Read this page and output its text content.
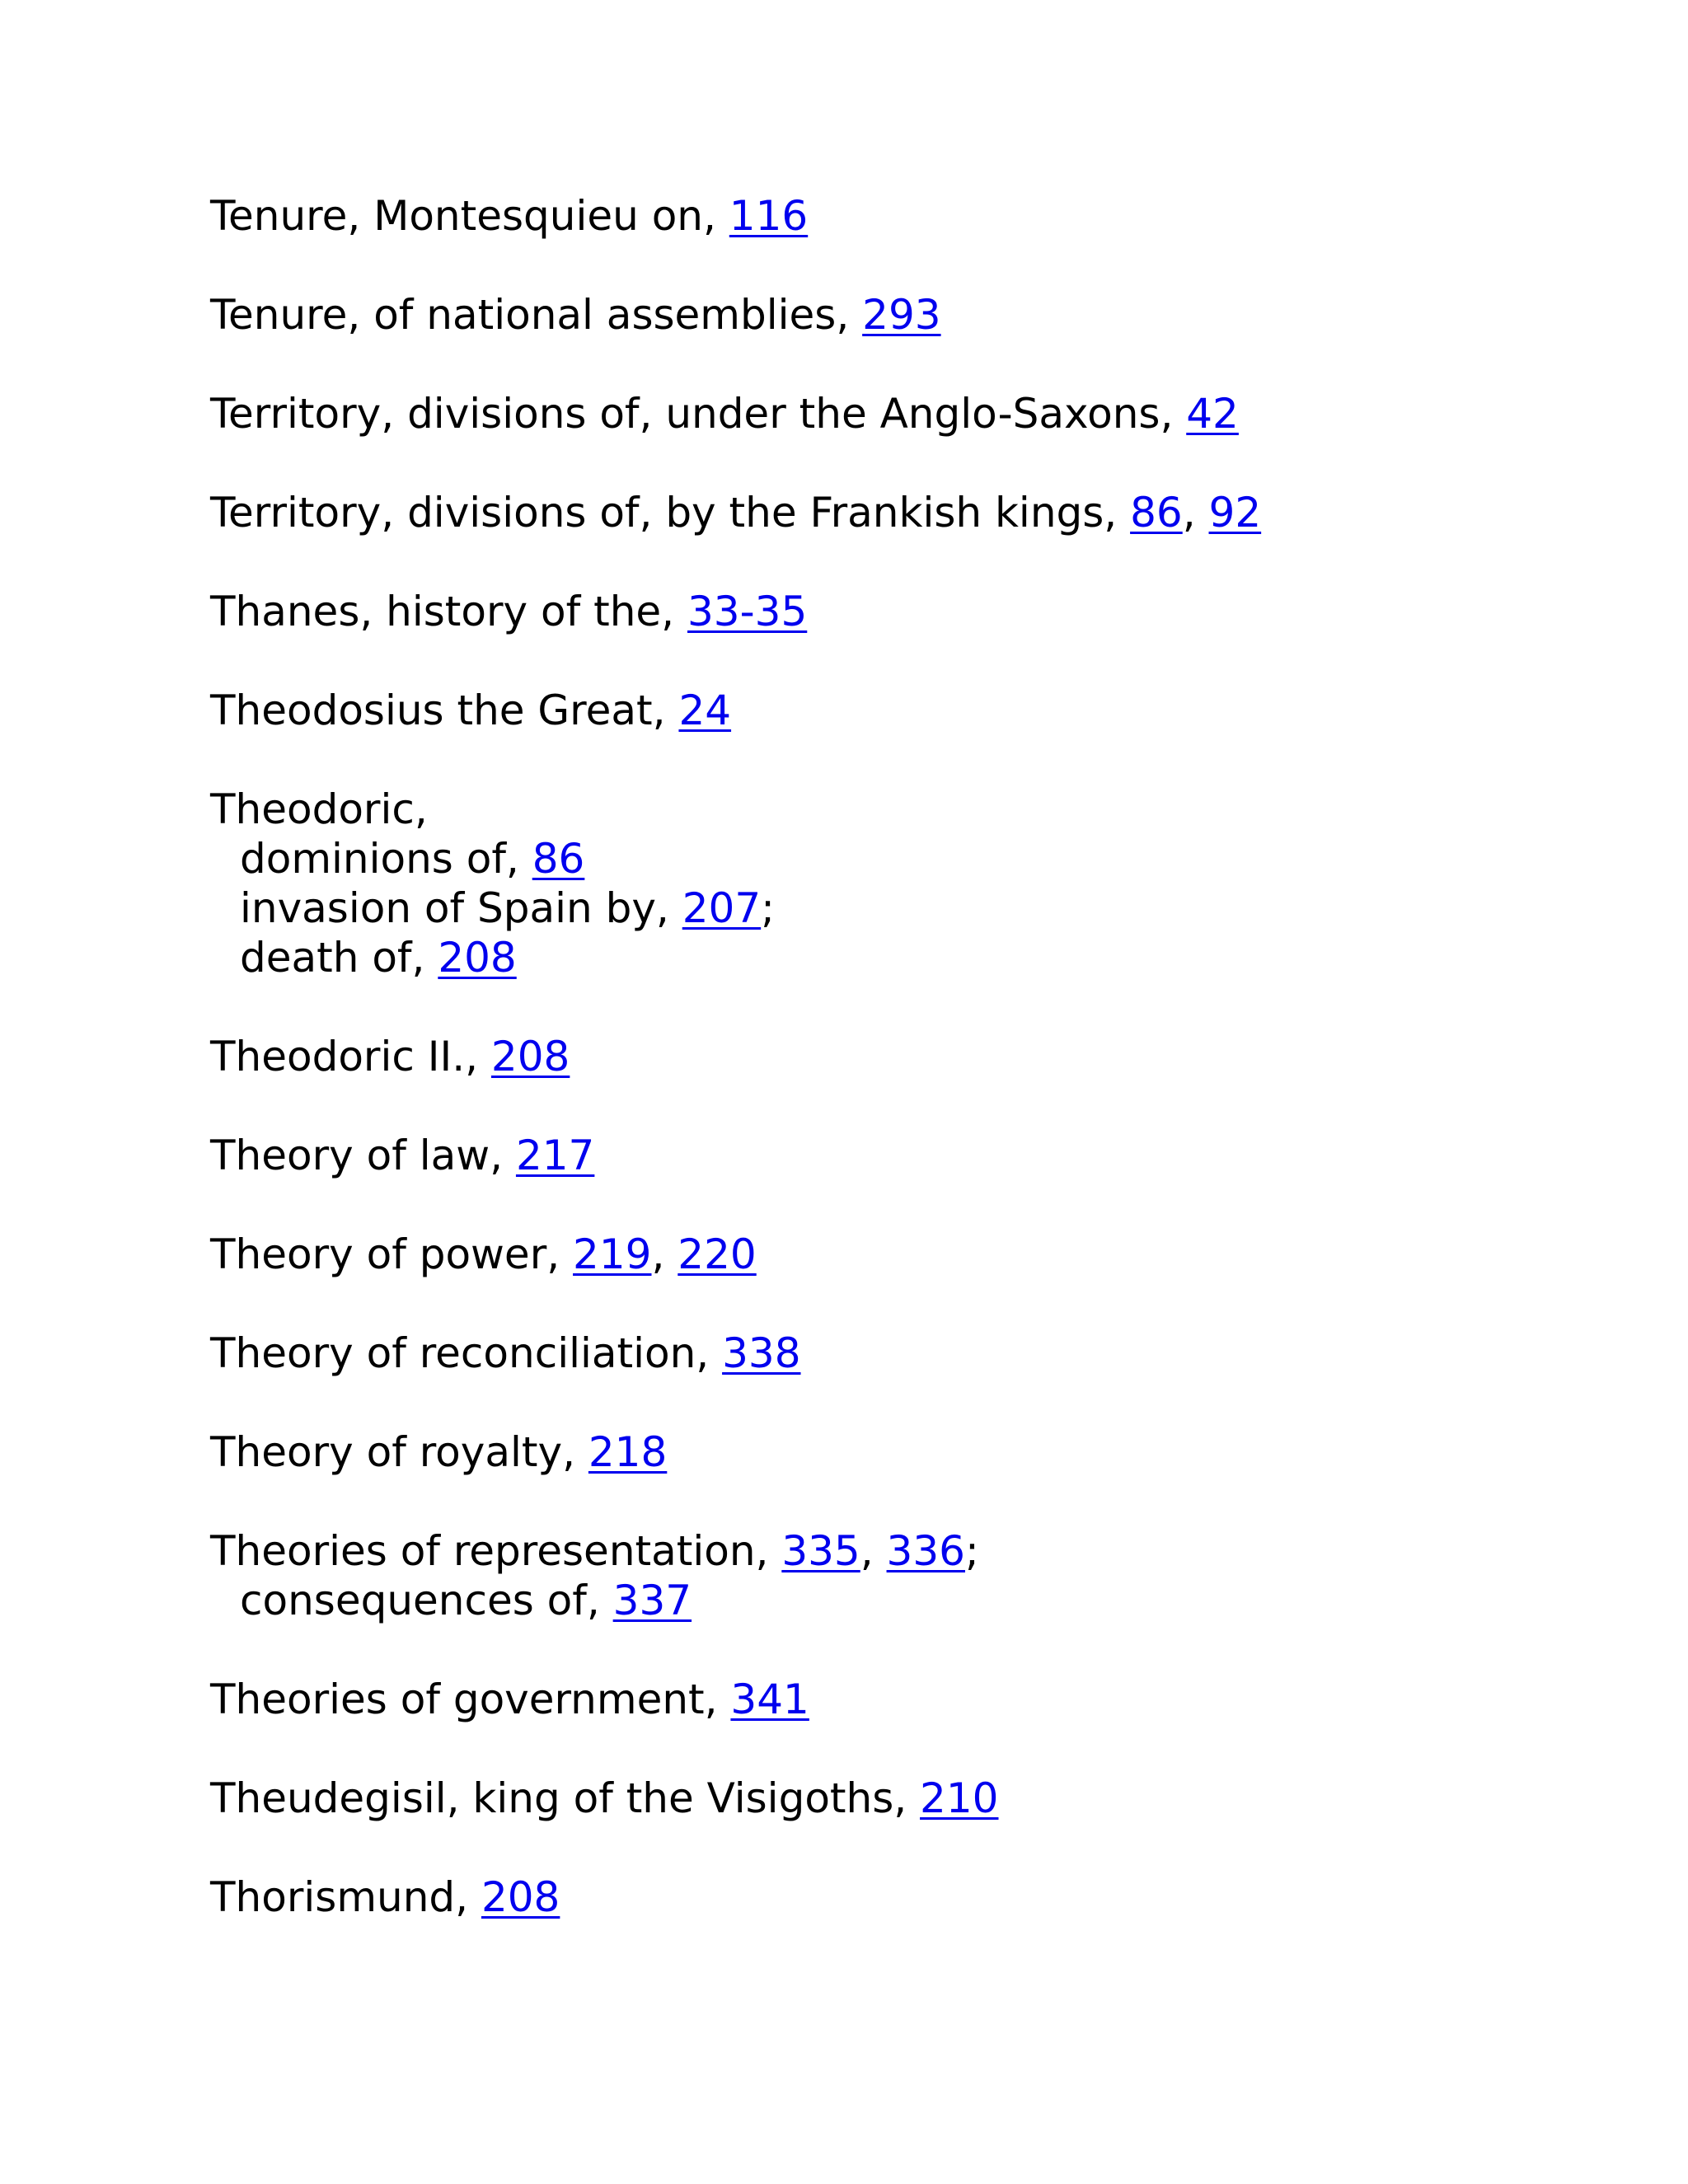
Tenure, Montesquieu on, 116
Tenure, of national assemblies, 293
Territory, divisions of, under the Anglo-Saxons, 42
Territory, divisions of, by the Frankish kings, 86, 92
Thanes, history of the, 33-35
Theodosius the Great, 24
Theodoric,
dominions of, 86
invasion of Spain by, 207;
death of, 208
Theodoric II., 208
Theory of law, 217
Theory of power, 219, 220
Theory of reconciliation, 338
Theory of royalty, 218
Theories of representation, 335, 336;
consequences of, 337
Theories of government, 341
Theudegisil, king of the Visigoths, 210
Thorismund, 208
